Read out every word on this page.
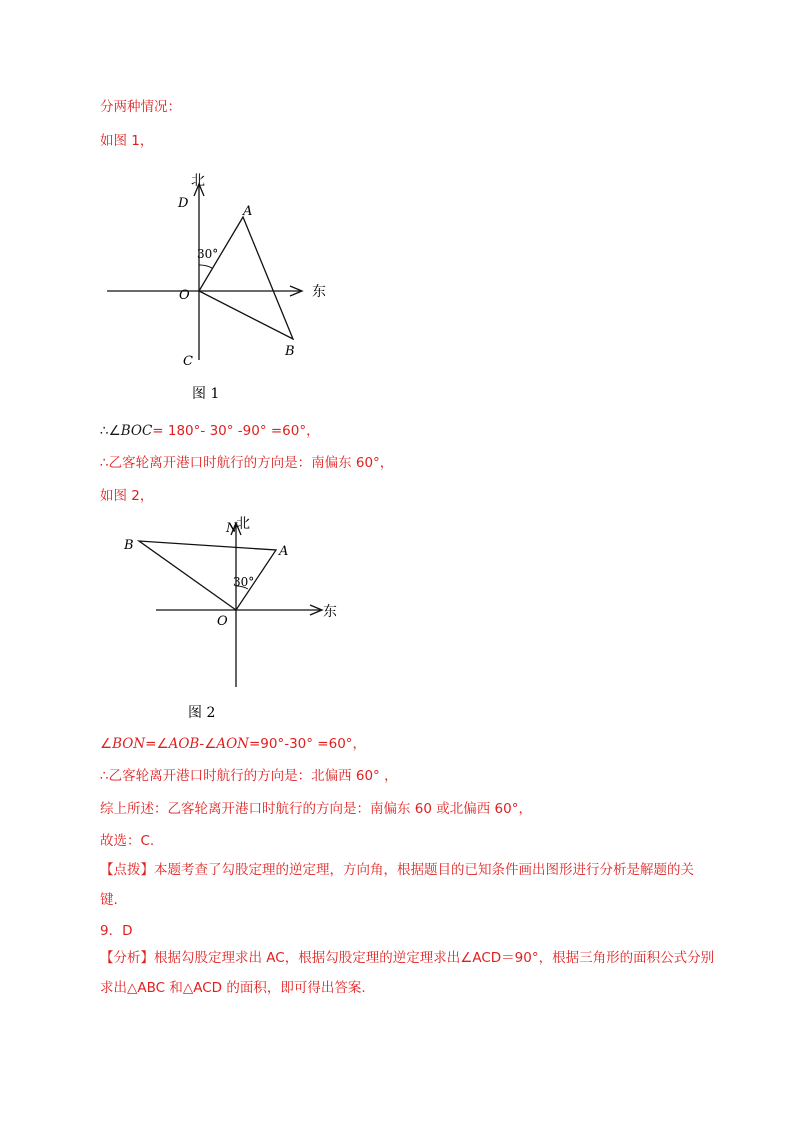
分两种情况：
如图 1，
北
D
A
30°
O	东
B
C
图 1
∴∠BOC= 180°- 30° -90° =60°，
∴乙客轮离开港口时航行的方向是：南偏东 60°，
如图 2，
N
北
B	A
30°
O
东
图 2
∠BON=∠AOB-∠AON=90°-30° =60°，
∴乙客轮离开港口时航行的方向是：北偏西 60° ，
综上所述：乙客轮离开港口时航行的方向是：南偏东 60 或北偏西 60°，
故选：C.
【点拨】本题考查了勾股定理的逆定理，方向角，根据题目的已知条件画出图形进行分析是解题的关
键.
9．D
【分析】根据勾股定理求出 AC，根据勾股定理的逆定理求出∠ACD＝90°，根据三角形的面积公式分别
求出△ABC 和△ACD 的面积，即可得出答案.
